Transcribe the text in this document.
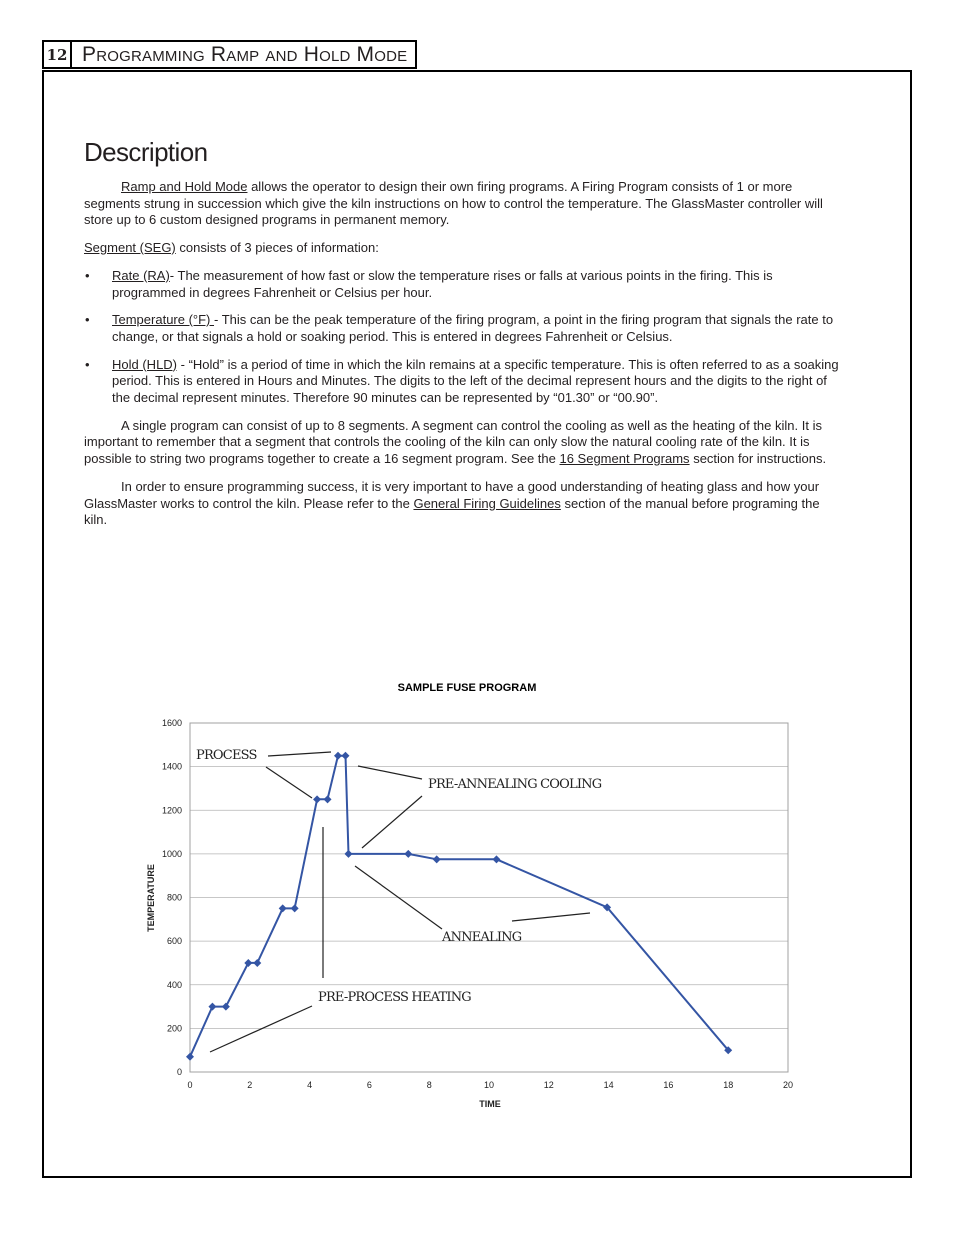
12 Programming Ramp and Hold Mode
Description

Ramp and Hold Mode allows the operator to design their own firing programs. A Firing Program consists of 1 or more segments strung in succession which give the kiln instructions on how to control the temperature. The GlassMaster controller will store up to 6 custom designed programs in permanent memory.

Segment (SEG) consists of 3 pieces of information:

• Rate (RA)- The measurement of how fast or slow the temperature rises or falls at various points in the firing. This is programmed in degrees Fahrenheit or Celsius per hour.
• Temperature (°F) - This can be the peak temperature of the firing program, a point in the firing program that signals the rate to change, or that signals a hold or soaking period. This is entered in degrees Fahrenheit or Celsius.
• Hold (HLD) - “Hold” is a period of time in which the kiln remains at a specific temperature. This is often referred to as a soaking period. This is entered in Hours and Minutes. The digits to the left of the decimal represent hours and the digits to the right of the decimal represent minutes. Therefore 90 minutes can be represented by “01.30” or “00.90”.

A single program can consist of up to 8 segments. A segment can control the cooling as well as the heating of the kiln. It is important to remember that a segment that controls the cooling of the kiln can only slow the natural cooling rate of the kiln. It is possible to string two programs together to create a 16 segment program. See the 16 Segment Programs section for instructions.

In order to ensure programming success, it is very important to have a good understanding of heating glass and how your GlassMaster works to control the kiln. Please refer to the General Firing Guidelines section of the manual before programing the kiln.

SAMPLE FUSE PROGRAM
0
200
400
600
800
1000
1200
1400
1600
0	2	4	6	8	10	12	14	16	18	20
TEMPERATURE
TIME
PROCESS
PRE-ANNEALING COOLING
ANNEALING
PRE-PROCESS HEATING
